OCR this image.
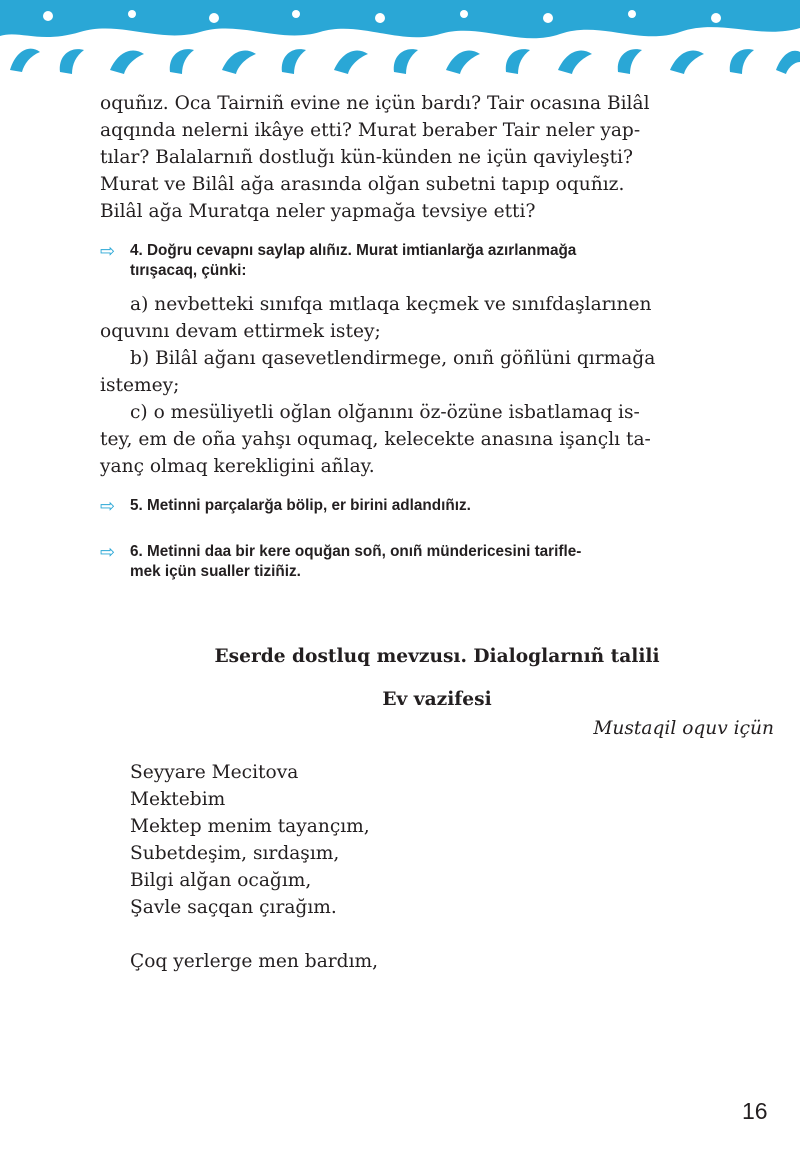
oquñız. Oca Tairniñ evine ne içün bardı? Tair ocasına Bilâl
aqqında nelerni ikâye etti? Murat beraber Tair neler yap-
tılar? Balalarnıñ dostluğı kün-künden ne içün qaviyleşti?
Murat ve Bilâl ağa arasında olğan subetni tapıp oquñız.
Bilâl ağa Muratqa neler yapmağa tevsiye etti?

⇨ 4. Doğru cevapnı saylap alıñız. Murat imtianlarğa azırlanmağa
tırışacaq, çünki:

a) nevbetteki sınıfqa mıtlaqa keçmek ve sınıfdaşlarınen
oquvını devam ettirmek istey;

b) Bilâl ağanı qasevetlendirmegе, onıñ göñlüni qırmağa
istemey;

c) o mesüliyetli oğlan olğanını öz-özüne isbatlamaq is-
tey, em de oña yahşı oqumaq, kelecekte anasına işançlı ta-
yanç olmaq kerekligini añlay.

⇨ 5. Metinni parçalarğa bölip, er birini adlandıñız.
⇨ 6. Metinni daa bir kere oquğan soñ, onıñ mündericesini tarifle-
mek içün sualler tiziñiz.
Eserde dostluq mevzusı. Dialoglarnıñ talili
Ev vazifesi
Mustaqil oquv içün
Seyyare Mecitova
Mektebim
Mektep menim tayançım,
Subetdeşim, sırdaşım,
Bilgi alğan ocağım,
Şavle saçqan çırağım.
Çoq yerlerge men bardım,
16
